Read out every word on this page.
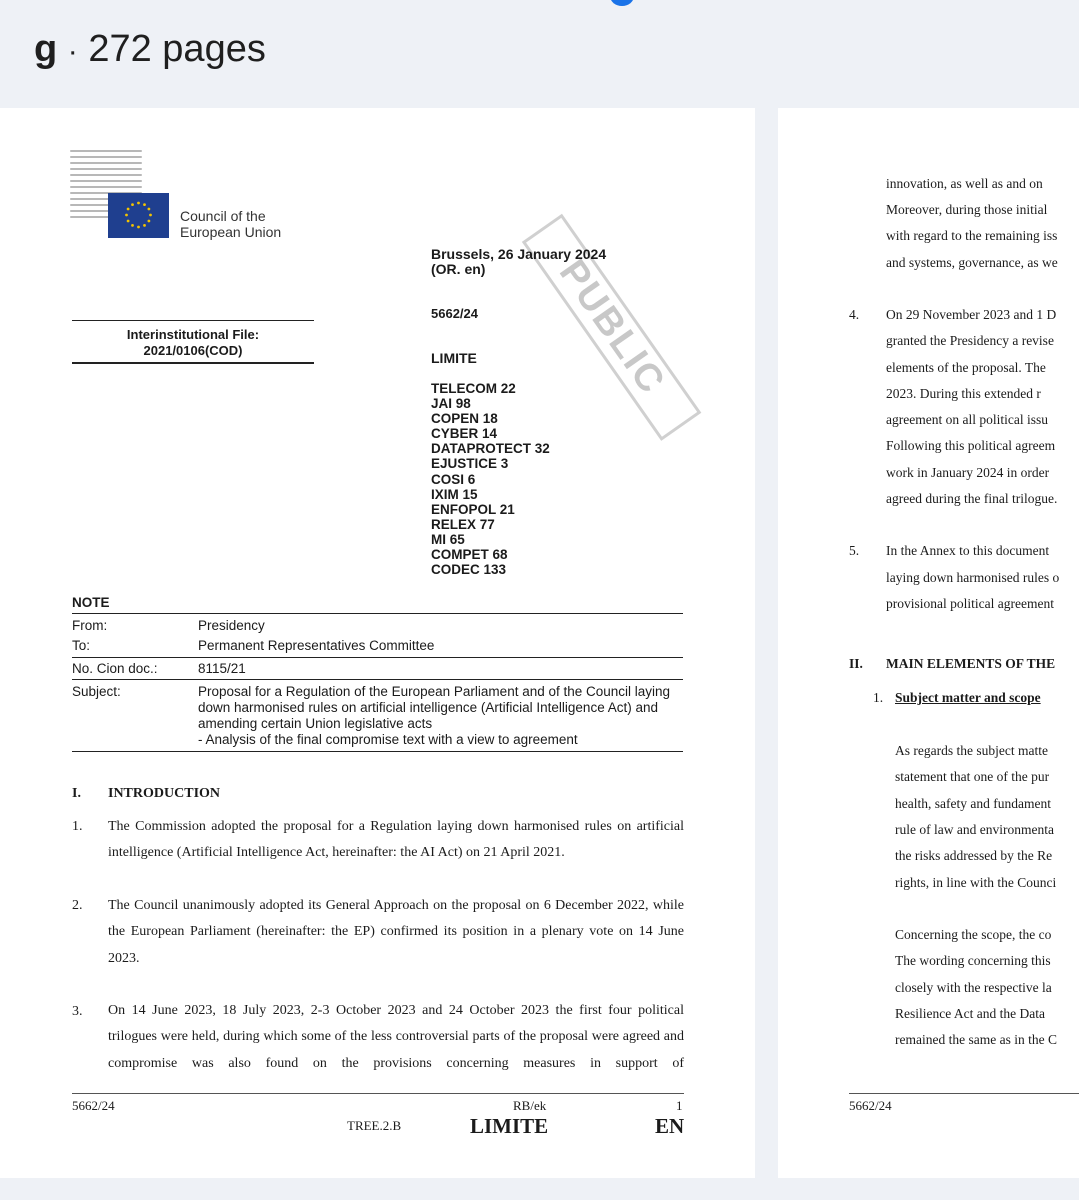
g · 272 pages
Council of the
European Union
PUBLIC
Brussels, 26 January 2024
(OR. en)
5662/24
LIMITE
TELECOM 22
JAI 98
COPEN 18
CYBER 14
DATAPROTECT 32
EJUSTICE 3
COSI 6
IXIM 15
ENFOPOL 21
RELEX 77
MI 65
COMPET 68
CODEC 133
Interinstitutional File:
2021/0106(COD)
NOTE
From:	Presidency
To:	Permanent Representatives Committee
No. Cion doc.:	8115/21
Subject:	Proposal for a Regulation of the European Parliament and of the Council laying down harmonised rules on artificial intelligence (Artificial Intelligence Act) and amending certain Union legislative acts
- Analysis of the final compromise text with a view to agreement
I. INTRODUCTION
1. The Commission adopted the proposal for a Regulation laying down harmonised rules on artificial intelligence (Artificial Intelligence Act, hereinafter: the AI Act) on 21 April 2021.
2. The Council unanimously adopted its General Approach on the proposal on 6 December 2022, while the European Parliament (hereinafter: the EP) confirmed its position in a plenary vote on 14 June 2023.
3. On 14 June 2023, 18 July 2023, 2-3 October 2023 and 24 October 2023 the first four political trilogues were held, during which some of the less controversial parts of the proposal were agreed and compromise was also found on the provisions concerning measures in support of
5662/24	RB/ek	1
TREE.2.B	LIMITE	EN
innovation, as well as and on
Moreover, during those initial
with regard to the remaining iss
and systems, governance, as we
4. On 29 November 2023 and 1 D
granted the Presidency a revise
elements of the proposal. The
2023. During this extended r
agreement on all political issu
Following this political agreem
work in January 2024 in order
agreed during the final trilogue.
5. In the Annex to this document
laying down harmonised rules o
provisional political agreement
II. MAIN ELEMENTS OF THE
1. Subject matter and scope
As regards the subject matte
statement that one of the pur
health, safety and fundament
rule of law and environmenta
the risks addressed by the Re
rights, in line with the Counci
Concerning the scope, the co
The wording concerning this
closely with the respective la
Resilience Act and the Data
remained the same as in the C
5662/24
